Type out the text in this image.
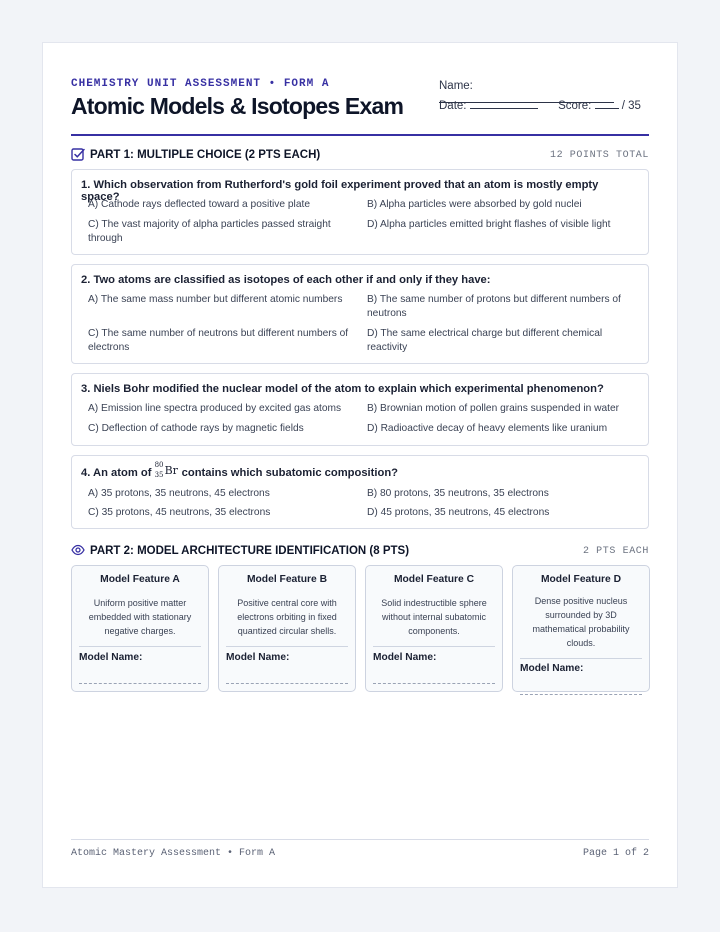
CHEMISTRY UNIT ASSESSMENT • FORM A
Atomic Models & Isotopes Exam
Name:
Date:	Score:	/ 35
PART 1: MULTIPLE CHOICE (2 PTS EACH)	12 POINTS TOTAL
1. Which observation from Rutherford's gold foil experiment proved that an atom is mostly empty space?
A) Cathode rays deflected toward a positive plate	B) Alpha particles were absorbed by gold nuclei
C) The vast majority of alpha particles passed straight through
D) Alpha particles emitted bright flashes of visible light
2. Two atoms are classified as isotopes of each other if and only if they have:
A) The same mass number but different atomic numbers	B) The same number of protons but different numbers of neutrons
C) The same number of neutrons but different numbers of electrons
D) The same electrical charge but different chemical reactivity
3. Niels Bohr modified the nuclear model of the atom to explain which experimental phenomenon?
A) Emission line spectra produced by excited gas atoms	B) Brownian motion of pollen grains suspended in water
C) Deflection of cathode rays by magnetic fields	D) Radioactive decay of heavy elements like uranium
4. An atom of
80
35 Br contains which subatomic composition?
A) 35 protons, 35 neutrons, 45 electrons	B) 80 protons, 35 neutrons, 35 electrons
C) 35 protons, 45 neutrons, 35 electrons	D) 45 protons, 35 neutrons, 45 electrons
PART 2: MODEL ARCHITECTURE IDENTIFICATION (8 PTS)	2 PTS EACH
Model Feature A
Uniform positive matter embedded with stationary negative charges.
Model Name:
Model Feature B
Positive central core with electrons orbiting in fixed quantized circular shells.
Model Name:
Model Feature C
Solid indestructible sphere without internal subatomic components.
Model Name:
Model Feature D
Dense positive nucleus surrounded by 3D mathematical probability clouds.
Model Name:
Atomic Mastery Assessment • Form A	Page 1 of 2
